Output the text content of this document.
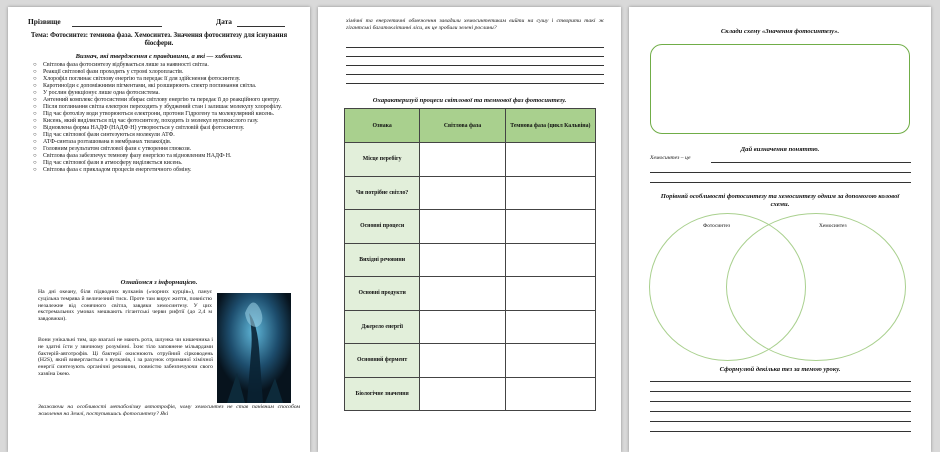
Прізвище	Дата
Тема: Фотосинтез: темнова фаза. Хемосинтез. Значення фотосинтезу для існування біосфери.
Визнач, які твердження є правдивими, а які — хибними.
○ Світлова фаза фотосинтезу відбувається лише за наявності світла.
○ Реакції світлової фази проходять у стромі хлоропластів.
○ Хлорофіл поглинає світлову енергію та передає її для здійснення фотосинтезу.
○ Каротиноїди є допоміжними пігментами, які розширюють спектр поглинання світла.
○ У рослин функціонує лише одна фотосистема.
○ Антенний комплекс фотосистеми збирає світлову енергію та передає її до реакційного центру.
○ Після поглинання світла електрон переходить у збуджений стан і залишає молекулу хлорофілу.
○ Під час фотолізу води утворюються електрони, протони Гідрогену та молекулярний кисень.
○ Кисень, який виділяється під час фотосинтезу, походить із молекул вуглекислого газу.
○ Відновлена форма НАДФ (НАДФ·Н) утворюється у світловій фазі фотосинтезу.
○ Під час світлової фази синтезуються молекули АТФ.
○ АТФ-синтаза розташована в мембранах тилакоїдів.
○ Головним результатом світлової фази є утворення глюкози.
○ Світлова фаза забезпечує темнову фазу енергією та відновленим НАДФ·Н.
○ Під час світлової фази в атмосферу виділяється кисень.
○ Світлова фаза є прикладом процесів енергетичного обміну.
Ознайомся з інформацією.
На дні океану, біля підводних вулканів («чорних курців»), панує суцільна темрява й величезний тиск. Проте там вирує життя, повністю незалежне від сонячного світла, завдяки хемосинтезу. У цих екстремальних умовах мешкають гігантські черви рифтії (до 2,4 м завдовжки).
Вони унікальні тим, що взагалі не мають рота, шлунка чи кишечника і не здатні їсти у звичному розумінні. Їхнє тіло заповнене мільярдами бактерій-автотрофів. Ці бактерії окиснюють отруйний сірководень (H2S), який виверглається з вулканів, і за рахунок отриманої хімічної енергії синтезують органічні речовини, повністю забезпечуючи свого хазяїна їжею.
Зважаючи на особливості метаболізму автотрофів, чому хемосинтез не став панівним способом живлення на Землі, поступившись фотосинтезу? Які
хімічні та енергетичні обмеження завадили хемосинтетикам вийти на сушу і створити такі ж гігантські багатоклітинні ліси, як це зробили зелені рослини?
Охарактеризуй процеси світлової та темнової фаз фотосинтезу.
Ознака	Світлова фаза	Темнова фаза (цикл Кальвіна)
Місце перебігу		
Чи потрібне світло?		
Основні процеси		
Вихідні речовини		
Основні продукти		
Джерело енергії		
Основний фермент		
Біологічне значення		
Склади схему «Значення фотосинтезу».
Дай визначення поняттю.
Хемосинтез – це
Порівняй особливості фотосинтезу та хемосинтезу одним за допомогою колової схеми.
Фотосинтез	Хемосинтез
Сформулюй декілька тез за темою уроку.
